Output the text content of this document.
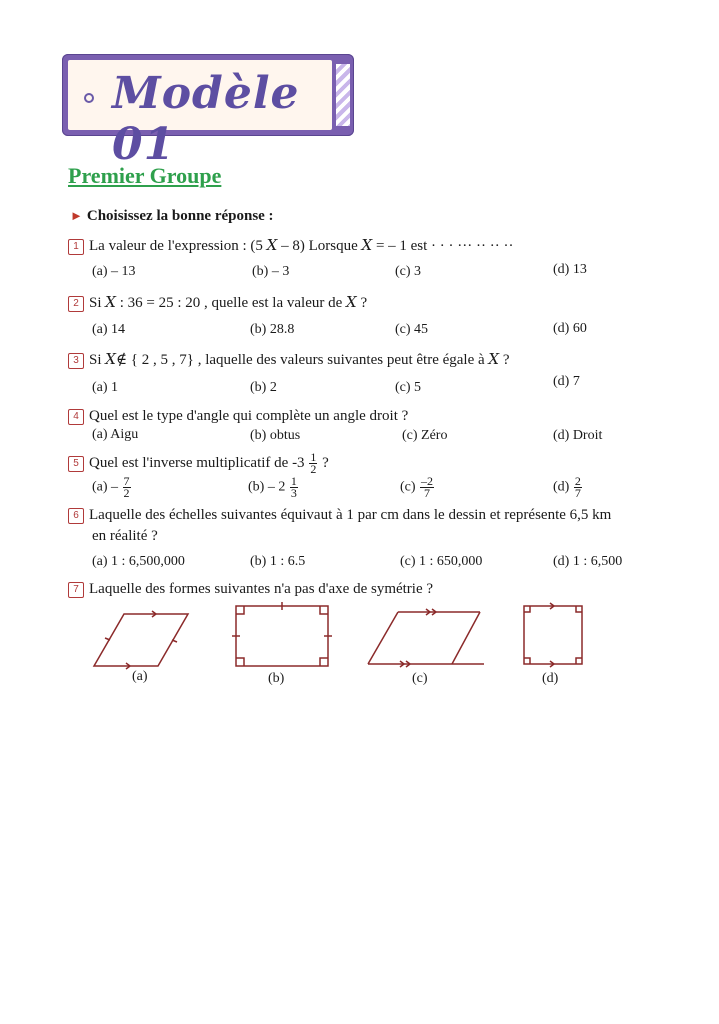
Modèle 01
Premier Groupe
► Choisissez la bonne réponse :
1 La valeur de l'expression : (5 X – 8) Lorsque X = – 1 est · · · ··· ·· ·· ··
(a) – 13	(b) – 3	(c) 3	(d) 13
2 Si X : 36 = 25 : 20 , quelle est la valeur de X ?
(a) 14	(b) 28.8	(c) 45	(d) 60
3 Si X∉ { 2 , 5 , 7} , laquelle des valeurs suivantes peut être égale à X ?
(a) 1	(b) 2	(c) 5	(d) 7
4 Quel est le type d'angle qui complète un angle droit ?
(a) Aigu	(b) obtus	(c) Zéro	(d) Droit
5 Quel est l'inverse multiplicatif de $-3 \frac{1}{2}$ ?
$(a) - \frac{7}{2}$	$(b) - 2 \frac{1}{3}$	$(c) \frac{-2}{7}$	$(d) \frac{2}{7}$
6 Laquelle des échelles suivantes équivaut à 1 par cm dans le dessin et représente 6,5 km
en réalité ?
(a) 1 : 6,500,000	(b) 1 : 6.5	(c) 1 : 650,000	(d) 1 : 6,500
7 Laquelle des formes suivantes n'a pas d'axe de symétrie ?
(a)	(b)	(c)	(d)
